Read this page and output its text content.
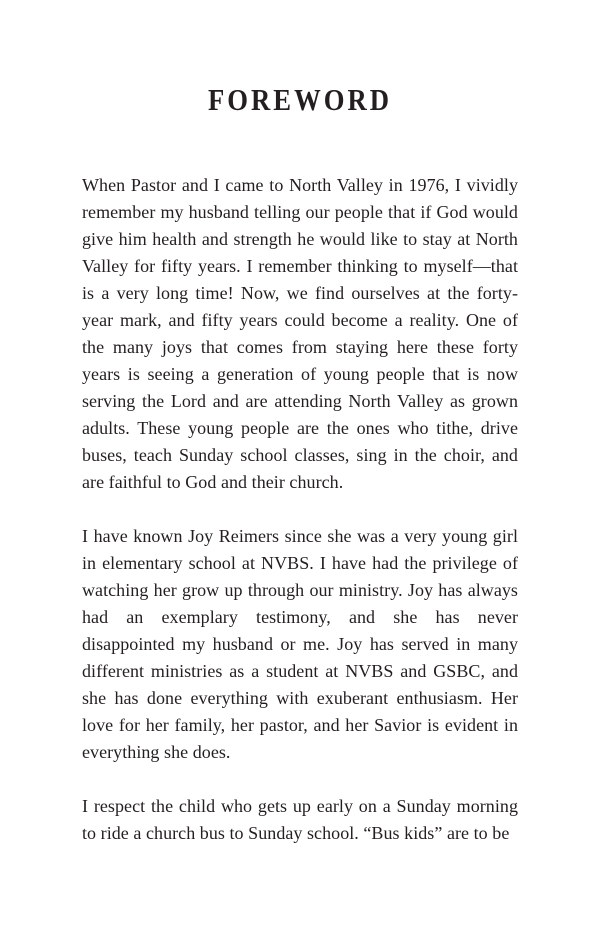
FOREWORD

When Pastor and I came to North Valley in 1976, I vividly remember my husband telling our people that if God would give him health and strength he would like to stay at North Valley for fifty years. I remember thinking to myself—that is a very long time! Now, we find ourselves at the forty-year mark, and fifty years could become a reality. One of the many joys that comes from staying here these forty years is seeing a generation of young people that is now serving the Lord and are attending North Valley as grown adults. These young people are the ones who tithe, drive buses, teach Sunday school classes, sing in the choir, and are faithful to God and their church.

I have known Joy Reimers since she was a very young girl in elementary school at NVBS. I have had the privilege of watching her grow up through our ministry. Joy has always had an exemplary testimony, and she has never disappointed my husband or me. Joy has served in many different ministries as a student at NVBS and GSBC, and she has done everything with exuberant enthusiasm. Her love for her family, her pastor, and her Savior is evident in everything she does.

I respect the child who gets up early on a Sunday morning to ride a church bus to Sunday school. “Bus kids” are to be
